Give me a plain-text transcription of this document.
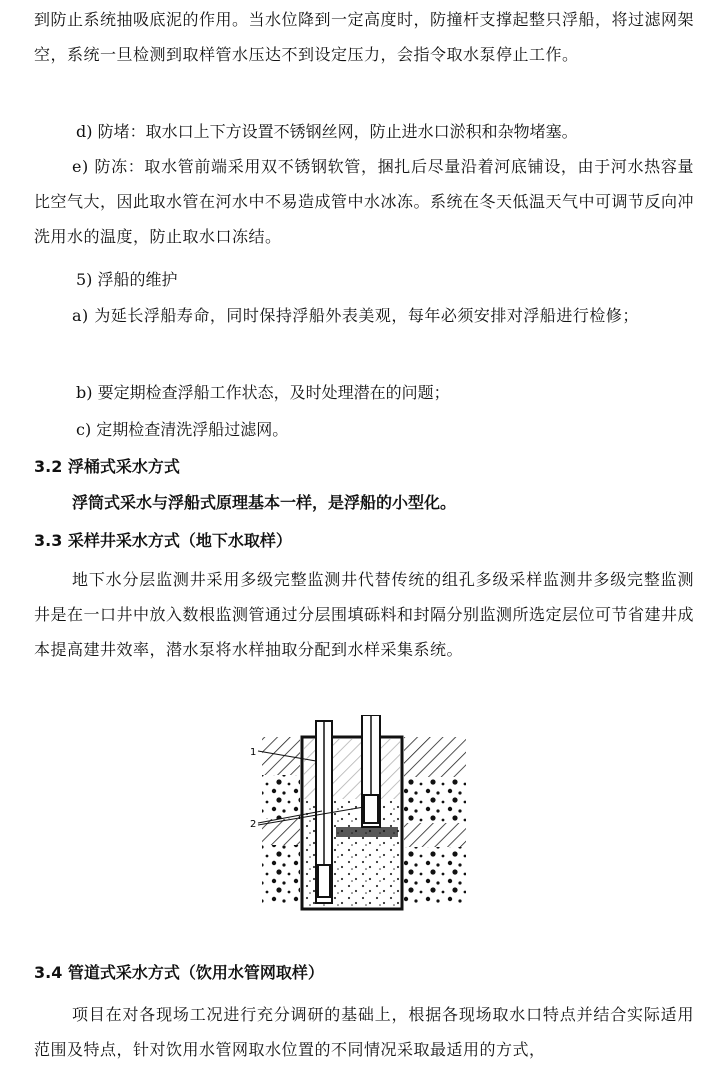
到防止系统抽吸底泥的作用。当水位降到一定高度时，防撞杆支撑起整只浮船，将过滤网架空，系统一旦检测到取样管水压达不到设定压力，会指令取水泵停止工作。

d) 防堵：取水口上下方设置不锈钢丝网，防止进水口淤积和杂物堵塞。

e) 防冻：取水管前端采用双不锈钢软管，捆扎后尽量沿着河底铺设，由于河水热容量比空气大，因此取水管在河水中不易造成管中水冰冻。系统在冬天低温天气中可调节反向冲洗用水的温度，防止取水口冻结。

5) 浮船的维护

a) 为延长浮船寿命，同时保持浮船外表美观，每年必须安排对浮船进行检修；

b) 要定期检查浮船工作状态，及时处理潜在的问题；

c) 定期检查清洗浮船过滤网。

3.2 浮桶式采水方式

浮筒式采水与浮船式原理基本一样，是浮船的小型化。

3.3 采样井采水方式（地下水取样）

地下水分层监测井采用多级完整监测井代替传统的组孔多级采样监测井多级完整监测井是在一口井中放入数根监测管通过分层围填砾料和封隔分别监测所选定层位可节省建井成本提高建井效率，潜水泵将水样抽取分配到水样采集系统。

1
2

3.4 管道式采水方式（饮用水管网取样）

项目在对各现场工况进行充分调研的基础上，根据各现场取水口特点并结合实际适用范围及特点，针对饮用水管网取水位置的不同情况采取最适用的方式，
